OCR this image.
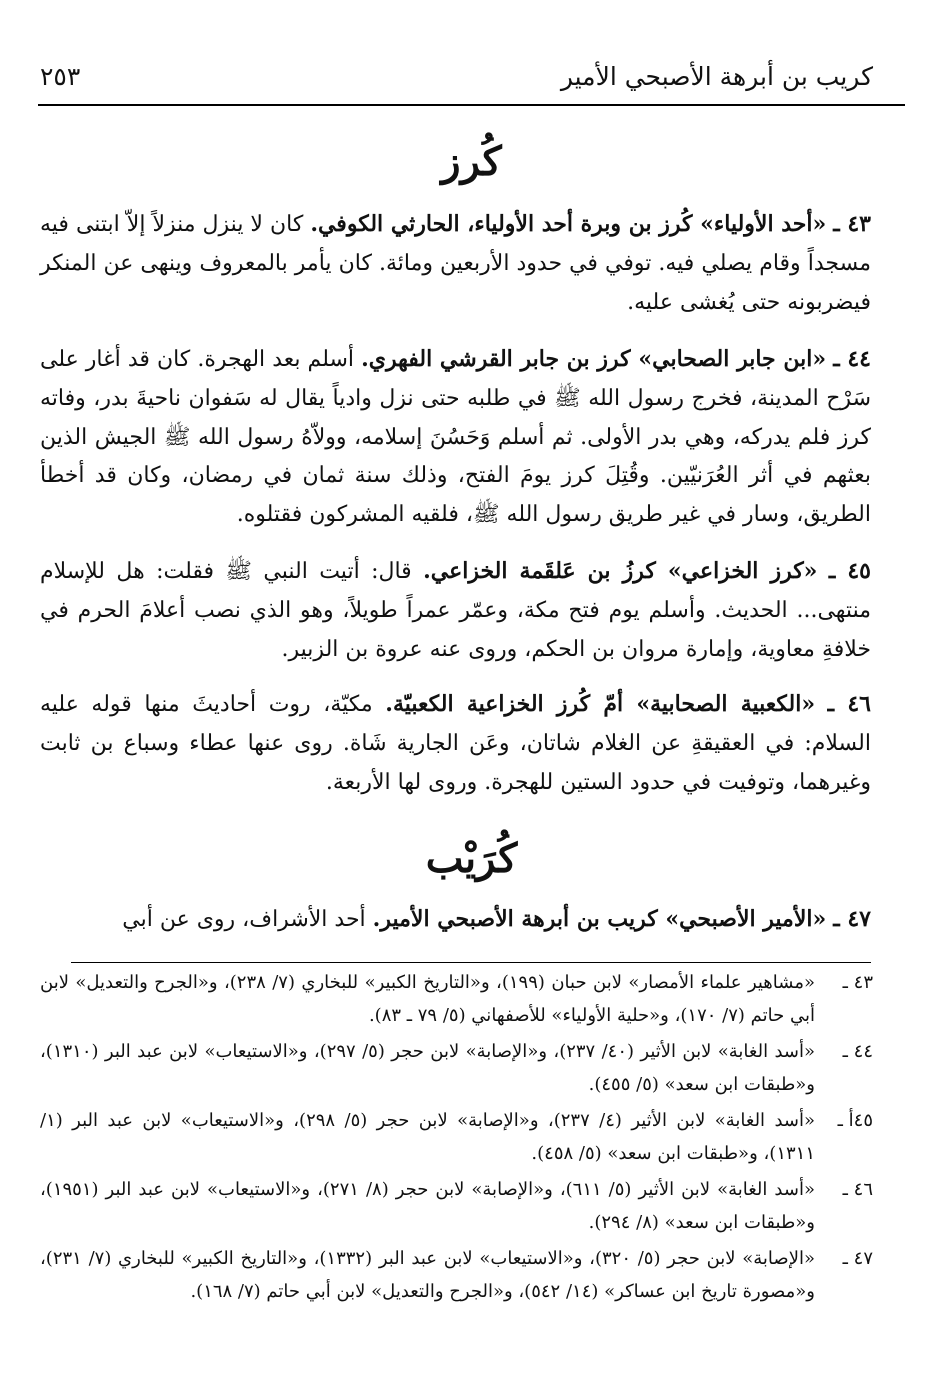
كريب بن أبرهة الأصبحي الأمير
٢٥٣
كُرز
٤٣ ـ «أحد الأولياء» كُرز بن وبرة أحد الأولياء، الحارثي الكوفي. كان لا ينزل منزلاً إلاّ ابتنى فيه مسجداً وقام يصلي فيه. توفي في حدود الأربعين ومائة. كان يأمر بالمعروف وينهى عن المنكر فيضربونه حتى يُغشى عليه.
٤٤ ـ «ابن جابر الصحابي» كرز بن جابر القرشي الفهري. أسلم بعد الهجرة. كان قد أغار على سَرْح المدينة، فخرج رسول الله ﷺ في طلبه حتى نزل وادياً يقال له سَفوان ناحيةَ بدر، وفاته كرز فلم يدركه، وهي بدر الأولى. ثم أسلم وَحَسُنَ إسلامه، وولاّهُ رسول الله ﷺ الجيش الذين بعثهم في أثر العُرَنيّين. وقُتِلَ كرز يومَ الفتح، وذلك سنة ثمان في رمضان، وكان قد أخطأ الطريق، وسار في غير طريق رسول الله ﷺ، فلقيه المشركون فقتلوه.
٤٥ ـ «كرز الخزاعي» كرزُ بن عَلقَمة الخزاعي. قال: أتيت النبي ﷺ فقلت: هل للإسلام منتهى... الحديث. وأسلم يوم فتح مكة، وعمّر عمراً طويلاً، وهو الذي نصب أعلامَ الحرم في خلافةِ معاوية، وإمارة مروان بن الحكم، وروى عنه عروة بن الزبير.
٤٦ ـ «الكعبية الصحابية» أمّ كُرز الخزاعية الكعبيّة. مكيّة، روت أحاديثَ منها قوله عليه السلام: في العقيقةِ عن الغلام شاتان، وعَن الجارية شَاة. روى عنها عطاء وسباع بن ثابت وغيرهما، وتوفيت في حدود الستين للهجرة. وروى لها الأربعة.
كُرَيْب
٤٧ ـ «الأمير الأصبحي» كريب بن أبرهة الأصبحي الأمير. أحد الأشراف، روى عن أبي
٤٣ ـ
«مشاهير علماء الأمصار» لابن حبان (١٩٩)، و«التاريخ الكبير» للبخاري (٧/ ٢٣٨)، و«الجرح والتعديل» لابن أبي حاتم (٧/ ١٧٠)، و«حلية الأولياء» للأصفهاني (٥/ ٧٩ ـ ٨٣).
٤٤ ـ
«أسد الغابة» لابن الأثير (٤٠/ ٢٣٧)، و«الإصابة» لابن حجر (٥/ ٢٩٧)، و«الاستيعاب» لابن عبد البر (١٣١٠)، و«طبقات ابن سعد» (٥/ ٤٥٥).
٤٥أ ـ
«أسد الغابة» لابن الأثير (٤/ ٢٣٧)، و«الإصابة» لابن حجر (٥/ ٢٩٨)، و«الاستيعاب» لابن عبد البر (١/ ١٣١١)، و«طبقات ابن سعد» (٥/ ٤٥٨).
٤٦ ـ
«أسد الغابة» لابن الأثير (٥/ ٦١١)، و«الإصابة» لابن حجر (٨/ ٢٧١)، و«الاستيعاب» لابن عبد البر (١٩٥١)، و«طبقات ابن سعد» (٨/ ٢٩٤).
٤٧ ـ
«الإصابة» لابن حجر (٥/ ٣٢٠)، و«الاستيعاب» لابن عبد البر (١٣٣٢)، و«التاريخ الكبير» للبخاري (٧/ ٢٣١)، و«مصورة تاريخ ابن عساكر» (١٤/ ٥٤٢)، و«الجرح والتعديل» لابن أبي حاتم (٧/ ١٦٨).
